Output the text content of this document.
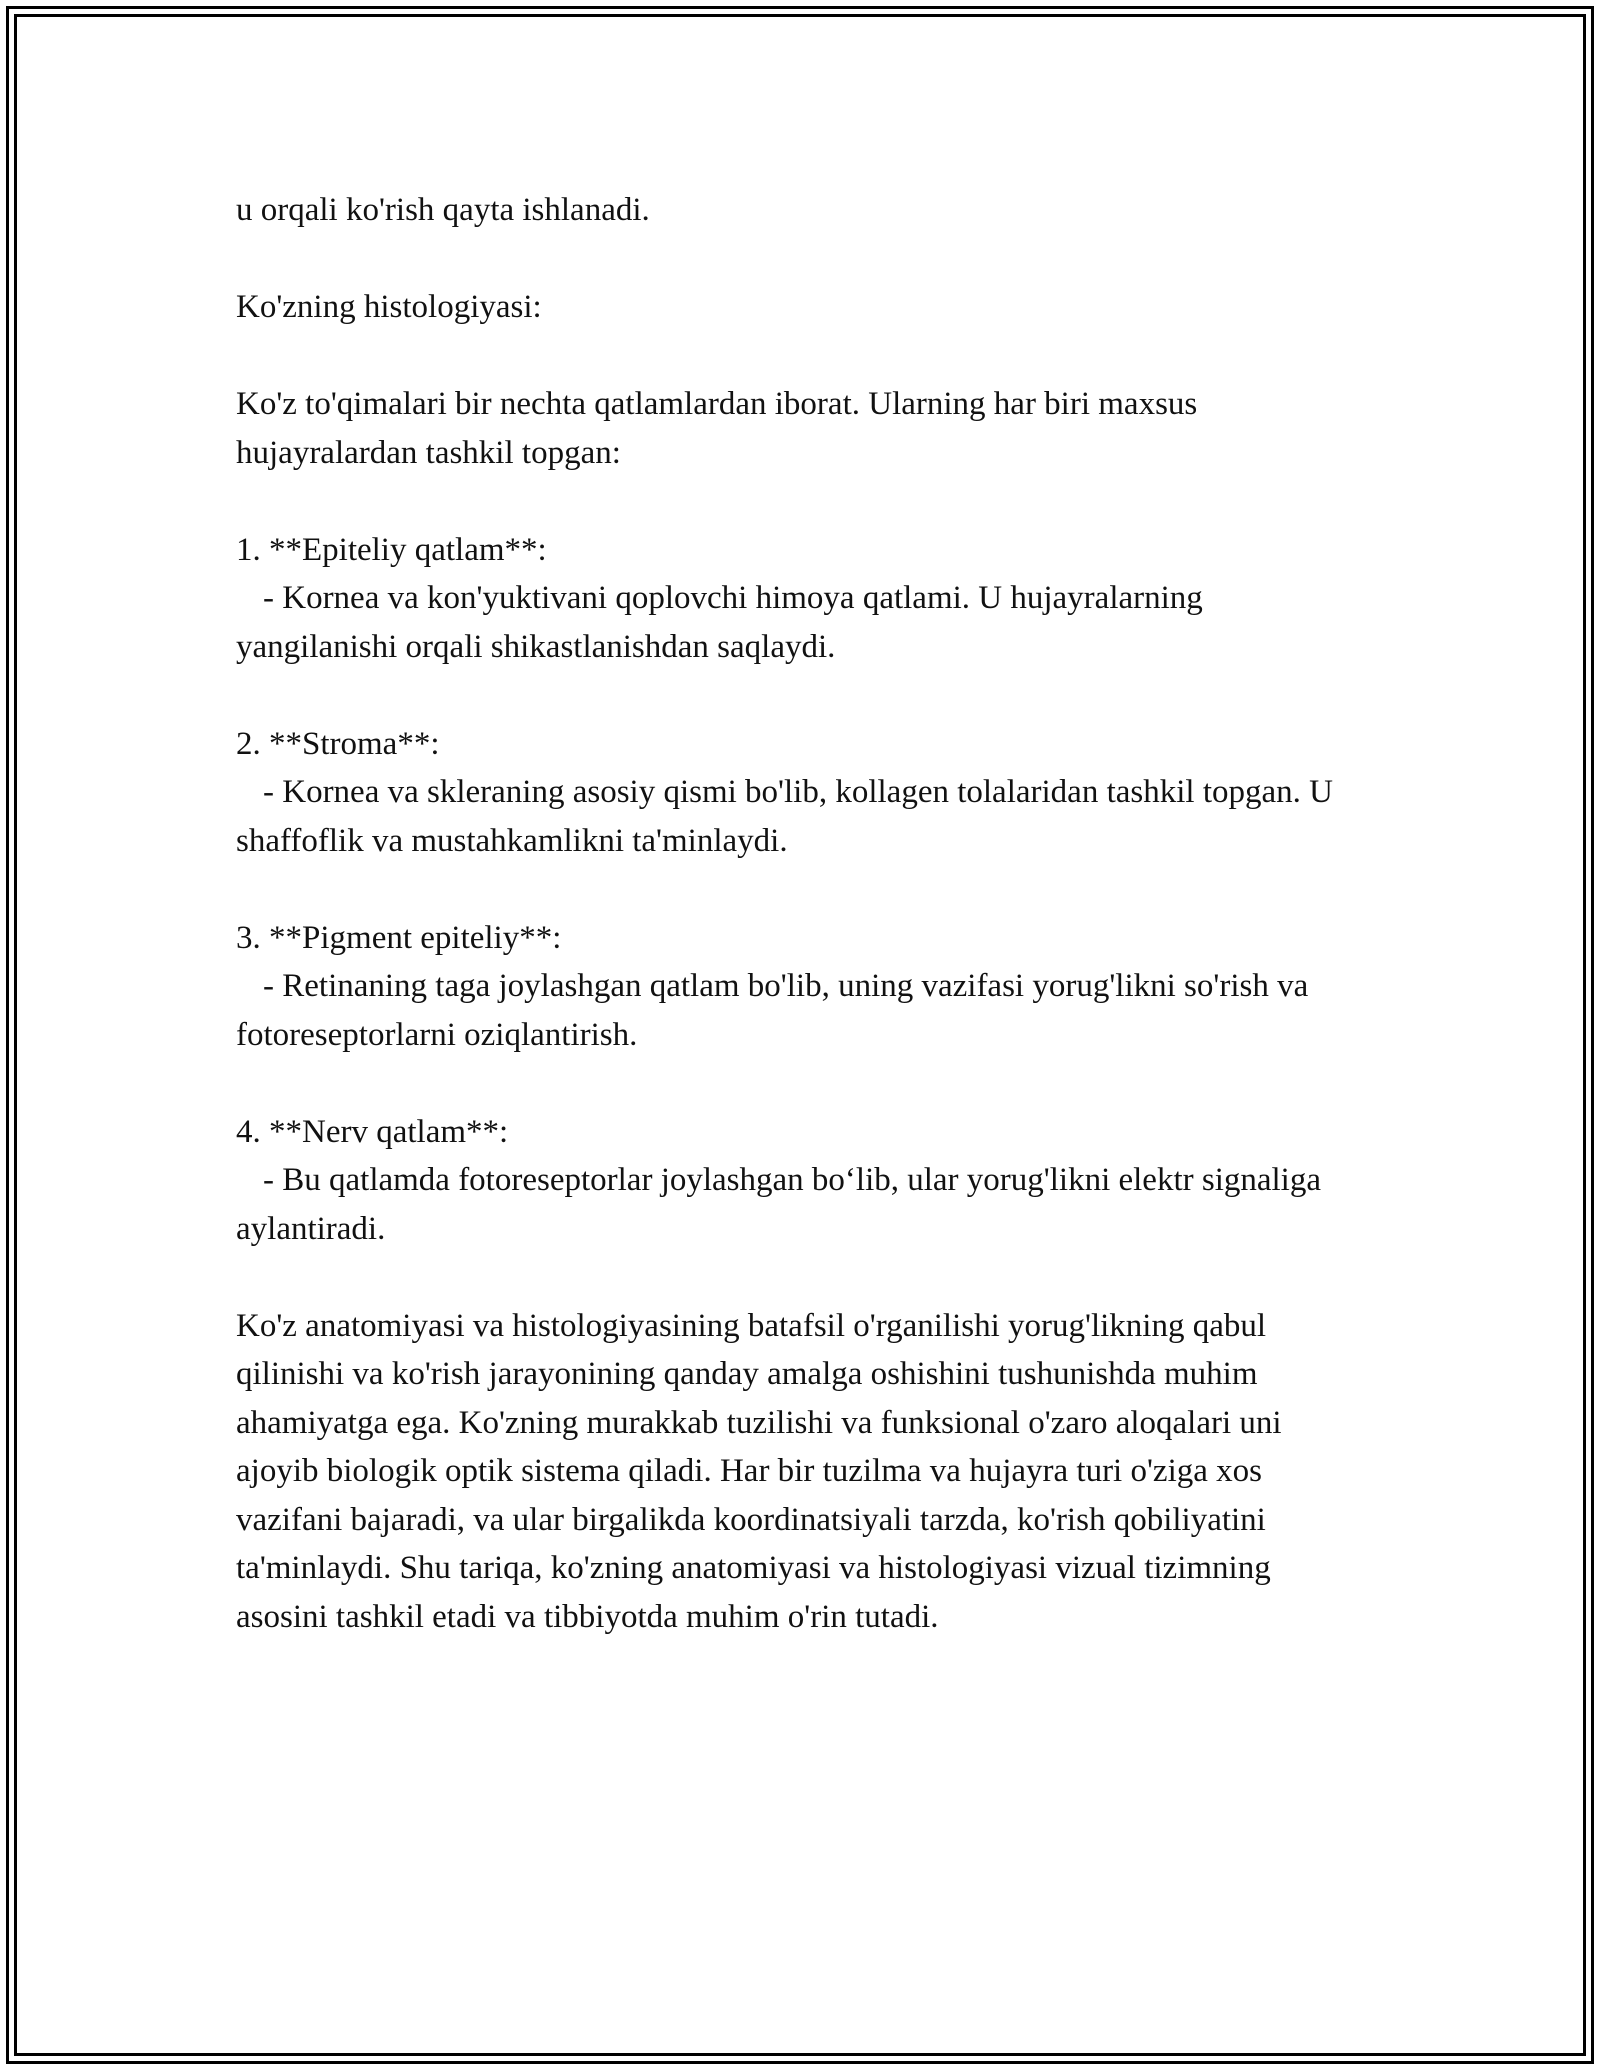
u orqali ko'rish qayta ishlanadi.

Ko'zning histologiyasi:

Ko'z to'qimalari bir nechta qatlamlardan iborat. Ularning har biri maxsus hujayralardan tashkil topgan:

1. **Epiteliy qatlam**:
- Kornea va kon'yuktivani qoplovchi himoya qatlami. U hujayralarning yangilanishi orqali shikastlanishdan saqlaydi.
2. **Stroma**:
- Kornea va skleraning asosiy qismi bo'lib, kollagen tolalaridan tashkil topgan. U shaffoflik va mustahkamlikni ta'minlaydi.
3. **Pigment epiteliy**:
- Retinaning taga joylashgan qatlam bo'lib, uning vazifasi yorug'likni so'rish va fotoreseptorlarni oziqlantirish.
4. **Nerv qatlam**:
- Bu qatlamda fotoreseptorlar joylashgan bo‘lib, ular yorug'likni elektr signaliga aylantiradi.

Ko'z anatomiyasi va histologiyasining batafsil o'rganilishi yorug'likning qabul qilinishi va ko'rish jarayonining qanday amalga oshishini tushunishda muhim ahamiyatga ega. Ko'zning murakkab tuzilishi va funksional o'zaro aloqalari uni ajoyib biologik optik sistema qiladi. Har bir tuzilma va hujayra turi o'ziga xos vazifani bajaradi, va ular birgalikda koordinatsiyali tarzda, ko'rish qobiliyatini ta'minlaydi. Shu tariqa, ko'zning anatomiyasi va histologiyasi vizual tizimning asosini tashkil etadi va tibbiyotda muhim o'rin tutadi.
